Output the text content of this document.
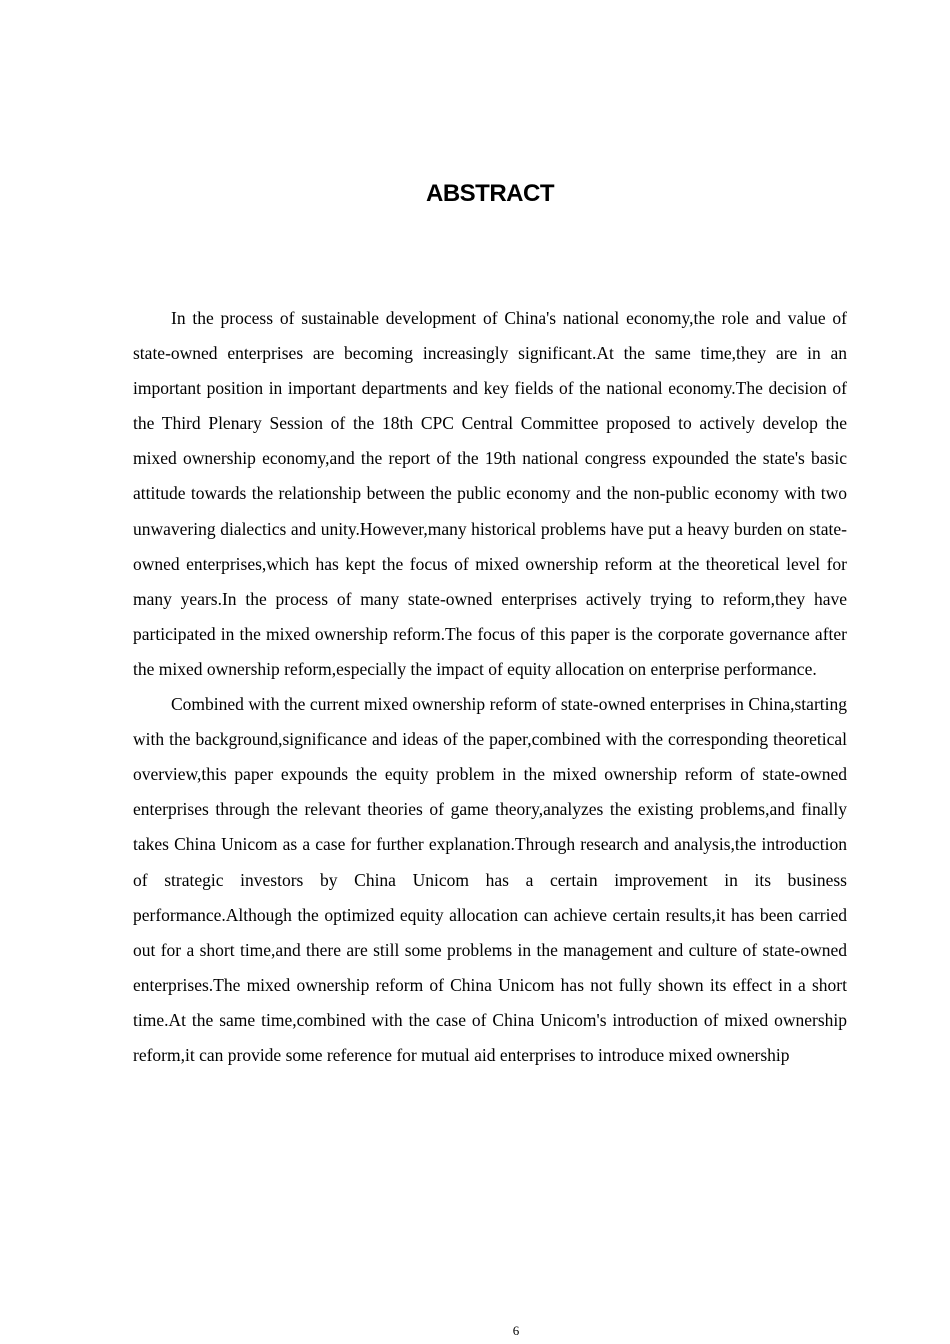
ABSTRACT

In the process of sustainable development of China's national economy,the role and value of state-owned enterprises are becoming increasingly significant.At the same time,they are in an important position in important departments and key fields of the national economy.The decision of the Third Plenary Session of the 18th CPC Central Committee proposed to actively develop the mixed ownership economy,and the report of the 19th national congress expounded the state's basic attitude towards the relationship between the public economy and the non-public economy with two unwavering dialectics and unity.However,many historical problems have put a heavy burden on state-owned enterprises,which has kept the focus of mixed ownership reform at the theoretical level for many years.In the process of many state-owned enterprises actively trying to reform,they have participated in the mixed ownership reform.The focus of this paper is the corporate governance after the mixed ownership reform,especially the impact of equity allocation on enterprise performance.

Combined with the current mixed ownership reform of state-owned enterprises in China,starting with the background,significance and ideas of the paper,combined with the corresponding theoretical overview,this paper expounds the equity problem in the mixed ownership reform of state-owned enterprises through the relevant theories of game theory,analyzes the existing problems,and finally takes China Unicom as a case for further explanation.Through research and analysis,the introduction of strategic investors by China Unicom has a certain improvement in its business performance.Although the optimized equity allocation can achieve certain results,it has been carried out for a short time,and there are still some problems in the management and culture of state-owned enterprises.The mixed ownership reform of China Unicom has not fully shown its effect in a short time.At the same time,combined with the case of China Unicom's introduction of mixed ownership reform,it can provide some reference for mutual aid enterprises to introduce mixed ownership

6
